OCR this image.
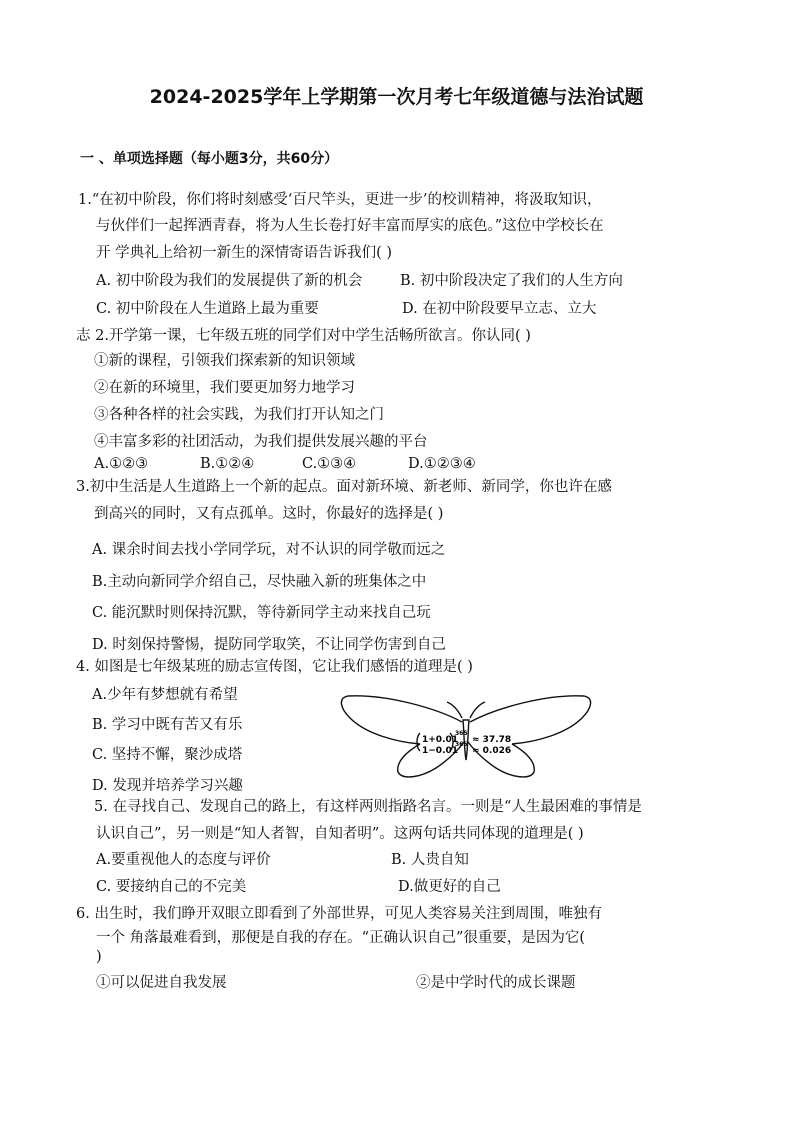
2024-2025学年上学期第一次月考七年级道德与法治试题
一 、单项选择题（每小题3分，共60分）
1.“在初中阶段，你们将时刻感受‘百尺竿头，更进一步’的校训精神，将汲取知识，
与伙伴们一起挥洒青春，将为人生长卷打好丰富而厚实的底色。”这位中学校长在
开 学典礼上给初一新生的深情寄语告诉我们( )
A. 初中阶段为我们的发展提供了新的机会	B. 初中阶段决定了我们的人生方向
C. 初中阶段在人生道路上最为重要	D. 在初中阶段要早立志、立大
志 2.开学第一课，七年级五班的同学们对中学生活畅所欲言。你认同( )
①新的课程，引领我们探索新的知识领域
②在新的环境里，我们要更加努力地学习
③各种各样的社会实践，为我们打开认知之门
④丰富多彩的社团活动，为我们提供发展兴趣的平台
A.①②③	B.①②④	C.①③④	D.①②③④
3.初中生活是人生道路上一个新的起点。面对新环境、新老师、新同学，你也许在感
到高兴的同时，又有点孤单。这时，你最好的选择是( )
A. 课余时间去找小学同学玩，对不认识的同学敬而远之
B.主动向新同学介绍自己，尽快融入新的班集体之中
C. 能沉默时则保持沉默，等待新同学主动来找自己玩
D. 时刻保持警惕，提防同学取笑，不让同学伤害到自己
4. 如图是七年级某班的励志宣传图，它让我们感悟的道理是( )
A.少年有梦想就有希望
B. 学习中既有苦又有乐
C. 坚持不懈，聚沙成塔
D. 发现并培养学习兴趣
1+0.01
1−0.01
365
365 ≈ 37.78
≈ 0.026
5. 在寻找自己、发现自己的路上，有这样两则指路名言。一则是“人生最困难的事情是
认识自己”，另一则是“知人者智，自知者明”。这两句话共同体现的道理是( )
A.要重视他人的态度与评价	B. 人贵自知
C. 要接纳自己的不完美	D.做更好的自己
6. 出生时，我们睁开双眼立即看到了外部世界，可见人类容易关注到周围，唯独有
一个 角落最难看到，那便是自我的存在。“正确认识自己”很重要，是因为它(
)
①可以促进自我发展	②是中学时代的成长课题
